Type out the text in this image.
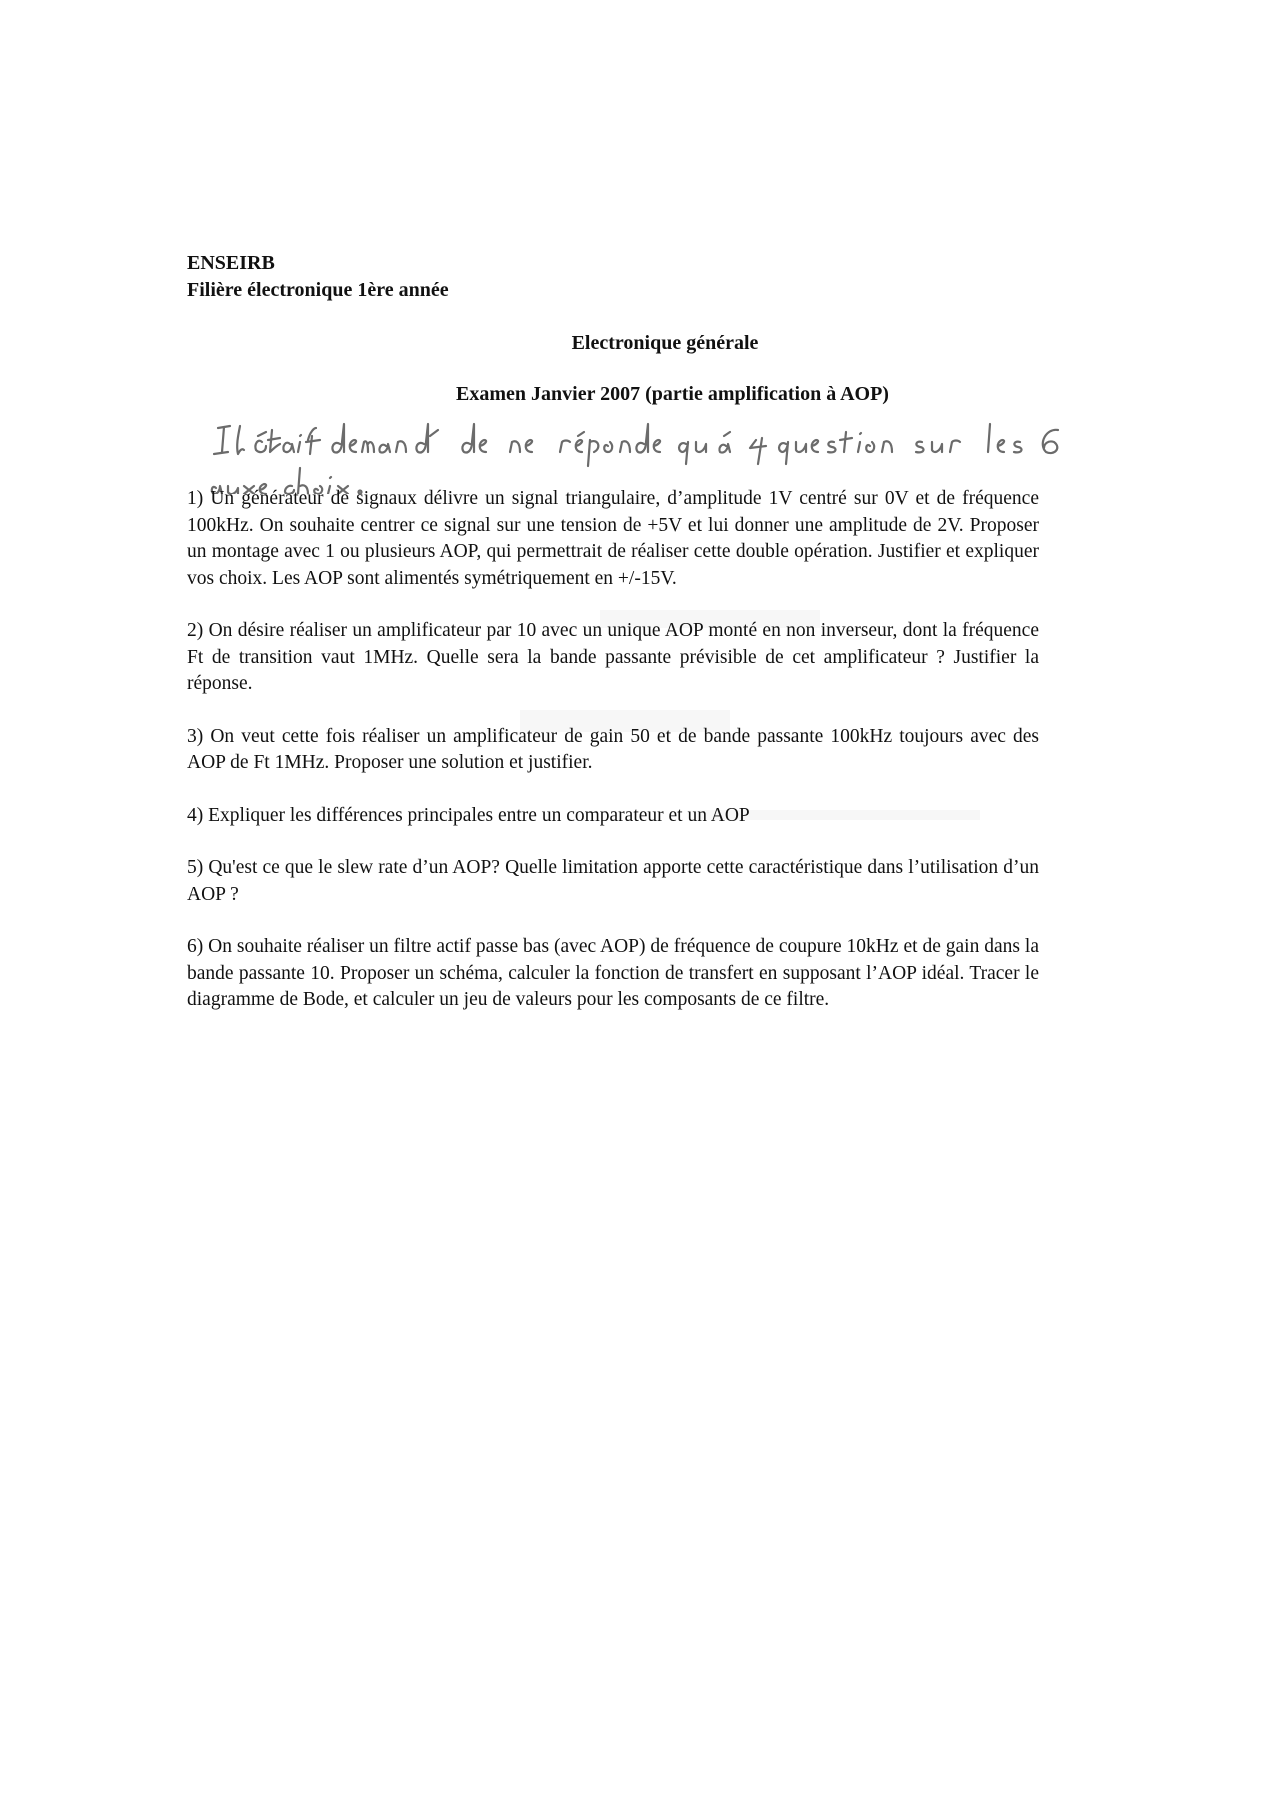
ENSEIRB

Filière électronique 1ère année

Electronique générale

Examen Janvier 2007 (partie amplification à AOP)

1) Un générateur de signaux délivre un signal triangulaire, d’amplitude 1V centré sur 0V et de fréquence 100kHz. On souhaite centrer ce signal sur une tension de +5V et lui donner une amplitude de 2V. Proposer un montage avec 1 ou plusieurs AOP, qui permettrait de réaliser cette double opération. Justifier et expliquer vos choix. Les AOP sont alimentés symétriquement en +/-15V.

2) On désire réaliser un amplificateur par 10 avec un unique AOP monté en non inverseur, dont la fréquence Ft de transition vaut 1MHz. Quelle sera la bande passante prévisible de cet amplificateur ? Justifier la réponse.

3) On veut cette fois réaliser un amplificateur de gain 50 et de bande passante 100kHz toujours avec des AOP de Ft 1MHz. Proposer une solution et justifier.

4) Expliquer les différences principales entre un comparateur et un AOP

5) Qu'est ce que le slew rate d’un AOP? Quelle limitation apporte cette caractéristique dans l’utilisation d’un AOP ?

6) On souhaite réaliser un filtre actif passe bas (avec AOP) de fréquence de coupure 10kHz et de gain dans la bande passante 10. Proposer un schéma, calculer la fonction de transfert en supposant l’AOP idéal. Tracer le diagramme de Bode, et calculer un jeu de valeurs pour les composants de ce filtre.
